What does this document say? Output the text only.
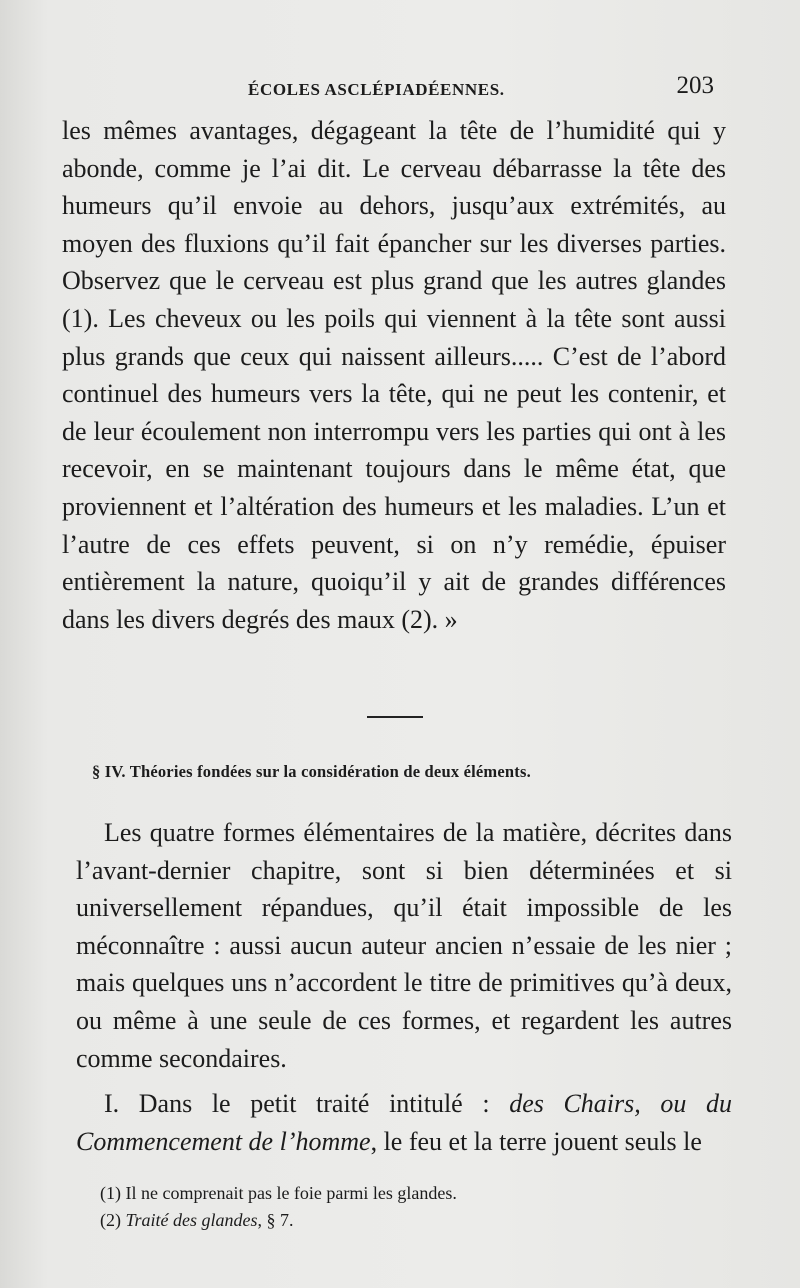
ÉCOLES ASCLÉPIADÉENNES.	203

les mêmes avantages, dégageant la tête de l’humidité qui y abonde, comme je l’ai dit. Le cerveau débarrasse la tête des humeurs qu’il envoie au dehors, jusqu’aux extrémités, au moyen des fluxions qu’il fait épancher sur les diverses parties. Observez que le cerveau est plus grand que les autres glandes (1). Les cheveux ou les poils qui viennent à la tête sont aussi plus grands que ceux qui naissent ailleurs..... C’est de l’abord continuel des humeurs vers la tête, qui ne peut les contenir, et de leur écoulement non interrompu vers les parties qui ont à les recevoir, en se maintenant toujours dans le même état, que proviennent et l’altération des humeurs et les maladies. L’un et l’autre de ces effets peuvent, si on n’y remédie, épuiser entièrement la nature, quoiqu’il y ait de grandes différences dans les divers degrés des maux (2). »

§ IV. Théories fondées sur la considération de deux éléments.

Les quatre formes élémentaires de la matière, décrites dans l’avant-dernier chapitre, sont si bien déterminées et si universellement répandues, qu’il était impossible de les méconnaître : aussi aucun auteur ancien n’essaie de les nier ; mais quelques uns n’accordent le titre de primitives qu’à deux, ou même à une seule de ces formes, et regardent les autres comme secondaires.

I. Dans le petit traité intitulé : des Chairs, ou du Commencement de l’homme, le feu et la terre jouent seuls le

(1) Il ne comprenait pas le foie parmi les glandes.

(2) Traité des glandes, § 7.
